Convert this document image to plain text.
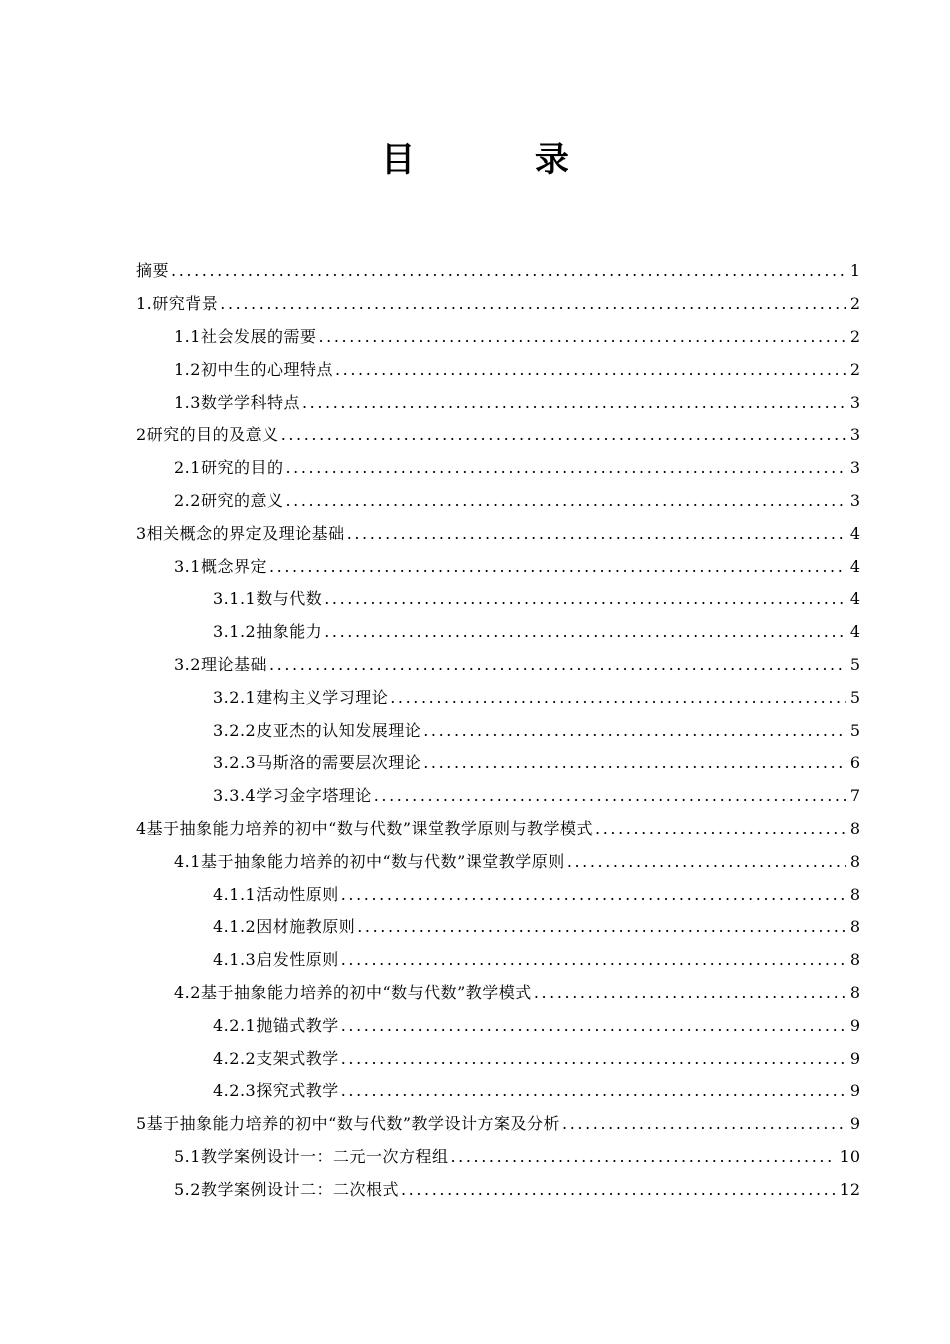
目 录
摘要 .....	1
1.研究背景 .....	2
1.1社会发展的需要 .....	2
1.2初中生的心理特点 .....	2
1.3数学学科特点 .....	3
2研究的目的及意义 .....	3
2.1研究的目的 .....	3
2.2研究的意义 .....	3
3相关概念的界定及理论基础 .....	4
3.1概念界定 .....	4
3.1.1数与代数 .....	4
3.1.2抽象能力 .....	4
3.2理论基础 .....	5
3.2.1建构主义学习理论 .....	5
3.2.2皮亚杰的认知发展理论 .....	5
3.2.3马斯洛的需要层次理论 .....	6
3.3.4学习金字塔理论 .....	7
4基于抽象能力培养的初中“数与代数”课堂教学原则与教学模式 .....	8
4.1基于抽象能力培养的初中“数与代数”课堂教学原则 .....	8
4.1.1活动性原则 .....	8
4.1.2因材施教原则 .....	8
4.1.3启发性原则 .....	8
4.2基于抽象能力培养的初中“数与代数”教学模式 .....	8
4.2.1抛锚式教学 .....	9
4.2.2支架式教学 .....	9
4.2.3探究式教学 .....	9
5基于抽象能力培养的初中“数与代数”教学设计方案及分析 .....	9
5.1教学案例设计一：二元一次方程组 .....	10
5.2教学案例设计二：二次根式 .....	12
